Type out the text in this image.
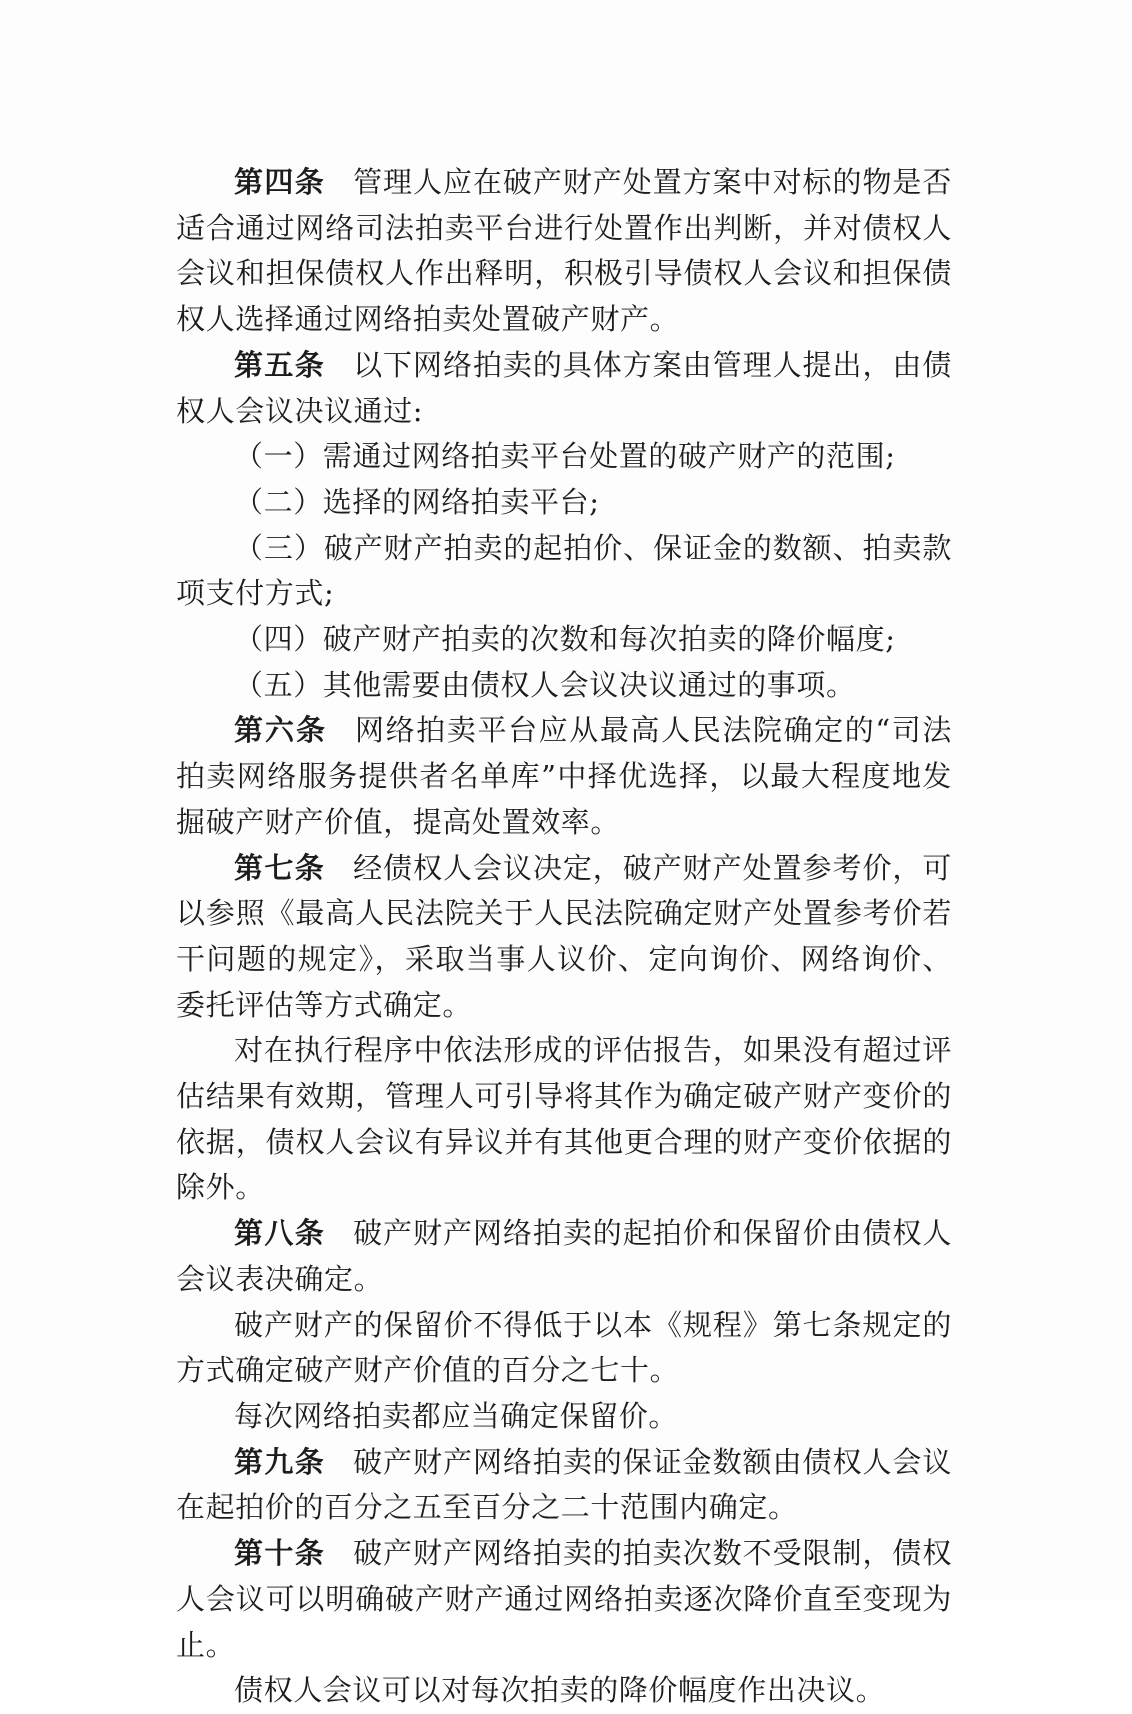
第四条 管理人应在破产财产处置方案中对标的物是否适合通过网络司法拍卖平台进行处置作出判断，并对债权人会议和担保债权人作出释明，积极引导债权人会议和担保债权人选择通过网络拍卖处置破产财产。

第五条 以下网络拍卖的具体方案由管理人提出，由债权人会议决议通过:

（一）需通过网络拍卖平台处置的破产财产的范围;

（二）选择的网络拍卖平台;

（三）破产财产拍卖的起拍价、保证金的数额、拍卖款项支付方式;

（四）破产财产拍卖的次数和每次拍卖的降价幅度;

（五）其他需要由债权人会议决议通过的事项。

第六条 网络拍卖平台应从最高人民法院确定的“司法拍卖网络服务提供者名单库”中择优选择，以最大程度地发掘破产财产价值，提高处置效率。

第七条 经债权人会议决定，破产财产处置参考价，可以参照《最高人民法院关于人民法院确定财产处置参考价若干问题的规定》，采取当事人议价、定向询价、网络询价、委托评估等方式确定。

对在执行程序中依法形成的评估报告，如果没有超过评估结果有效期，管理人可引导将其作为确定破产财产变价的依据，债权人会议有异议并有其他更合理的财产变价依据的除外。

第八条 破产财产网络拍卖的起拍价和保留价由债权人会议表决确定。

破产财产的保留价不得低于以本《规程》第七条规定的方式确定破产财产价值的百分之七十。

每次网络拍卖都应当确定保留价。

第九条 破产财产网络拍卖的保证金数额由债权人会议在起拍价的百分之五至百分之二十范围内确定。

第十条 破产财产网络拍卖的拍卖次数不受限制，债权人会议可以明确破产财产通过网络拍卖逐次降价直至变现为止。

债权人会议可以对每次拍卖的降价幅度作出决议。
